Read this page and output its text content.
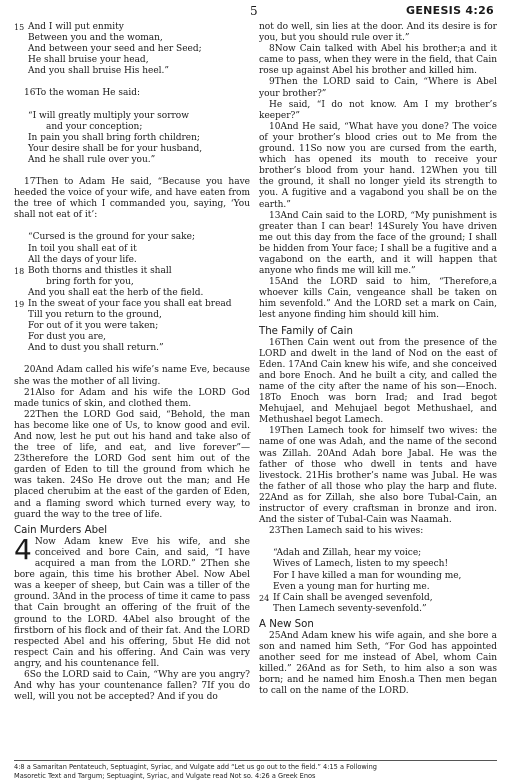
5	GENESIS 4:26
15 And I will put enmity
Between you and the woman,
And between your seed and her Seed;
He shall bruise your head,
And you shall bruise His heel.”
16To the woman He said:
“I will greatly multiply your sorrow
and your conception;
In pain you shall bring forth children;
Your desire shall be for your husband,
And he shall rule over you.”
17Then to Adam He said, “Because you have heeded the voice of your wife, and have eaten from the tree of which I commanded you, saying, ‘You shall not eat of it’:
“Cursed is the ground for your sake;
In toil you shall eat of it
All the days of your life.
18 Both thorns and thistles it shall
bring forth for you,
And you shall eat the herb of the field.
19 In the sweat of your face you shall eat bread
Till you return to the ground,
For out of it you were taken;
For dust you are,
And to dust you shall return.”
20And Adam called his wife’s name Eve, because she was the mother of all living.
21Also for Adam and his wife the LORD God made tunics of skin, and clothed them.
22Then the LORD God said, “Behold, the man has become like one of Us, to know good and evil. And now, lest he put out his hand and take also of the tree of life, and eat, and live forever”— 23therefore the LORD God sent him out of the garden of Eden to till the ground from which he was taken. 24So He drove out the man; and He placed cherubim at the east of the garden of Eden, and a flaming sword which turned every way, to guard the way to the tree of life.
Cain Murders Abel
4 Now Adam knew Eve his wife, and she conceived and bore Cain, and said, “I have acquired a man from the LORD.” 2Then she bore again, this time his brother Abel. Now Abel was a keeper of sheep, but Cain was a tiller of the ground. 3And in the process of time it came to pass that Cain brought an offering of the fruit of the ground to the LORD. 4Abel also brought of the firstborn of his flock and of their fat. And the LORD respected Abel and his offering, 5but He did not respect Cain and his offering. And Cain was very angry, and his countenance fell.
6So the LORD said to Cain, “Why are you angry? And why has your countenance fallen? 7If you do well, will you not be accepted? And if you do
not do well, sin lies at the door. And its desire is for you, but you should rule over it.”
8Now Cain talked with Abel his brother;a and it came to pass, when they were in the field, that Cain rose up against Abel his brother and killed him.
9Then the LORD said to Cain, “Where is Abel your brother?”
He said, “I do not know. Am I my brother’s keeper?”
10And He said, “What have you done? The voice of your brother’s blood cries out to Me from the ground. 11So now you are cursed from the earth, which has opened its mouth to receive your brother’s blood from your hand. 12When you till the ground, it shall no longer yield its strength to you. A fugitive and a vagabond you shall be on the earth.”
13And Cain said to the LORD, “My punishment is greater than I can bear! 14Surely You have driven me out this day from the face of the ground; I shall be hidden from Your face; I shall be a fugitive and a vagabond on the earth, and it will happen that anyone who finds me will kill me.”
15And the LORD said to him, “Therefore,a whoever kills Cain, vengeance shall be taken on him sevenfold.” And the LORD set a mark on Cain, lest anyone finding him should kill him.
The Family of Cain
16Then Cain went out from the presence of the LORD and dwelt in the land of Nod on the east of Eden. 17And Cain knew his wife, and she conceived and bore Enoch. And he built a city, and called the name of the city after the name of his son—Enoch. 18To Enoch was born Irad; and Irad begot Mehujael, and Mehujael begot Methushael, and Methushael begot Lamech.
19Then Lamech took for himself two wives: the name of one was Adah, and the name of the second was Zillah. 20And Adah bore Jabal. He was the father of those who dwell in tents and have livestock. 21His brother’s name was Jubal. He was the father of all those who play the harp and flute. 22And as for Zillah, she also bore Tubal-Cain, an instructor of every craftsman in bronze and iron. And the sister of Tubal-Cain was Naamah.
23Then Lamech said to his wives:
“Adah and Zillah, hear my voice;
Wives of Lamech, listen to my speech!
For I have killed a man for wounding me,
Even a young man for hurting me.
24 If Cain shall be avenged sevenfold,
Then Lamech seventy-sevenfold.”
A New Son
25And Adam knew his wife again, and she bore a son and named him Seth, “For God has appointed another seed for me instead of Abel, whom Cain killed.” 26And as for Seth, to him also a son was born; and he named him Enosh.a Then men began to call on the name of the LORD.
4:8 a Samaritan Pentateuch, Septuagint, Syriac, and Vulgate add “Let us go out to the field.” 4:15 a Following
Masoretic Text and Targum; Septuagint, Syriac, and Vulgate read Not so. 4:26 a Greek Enos
